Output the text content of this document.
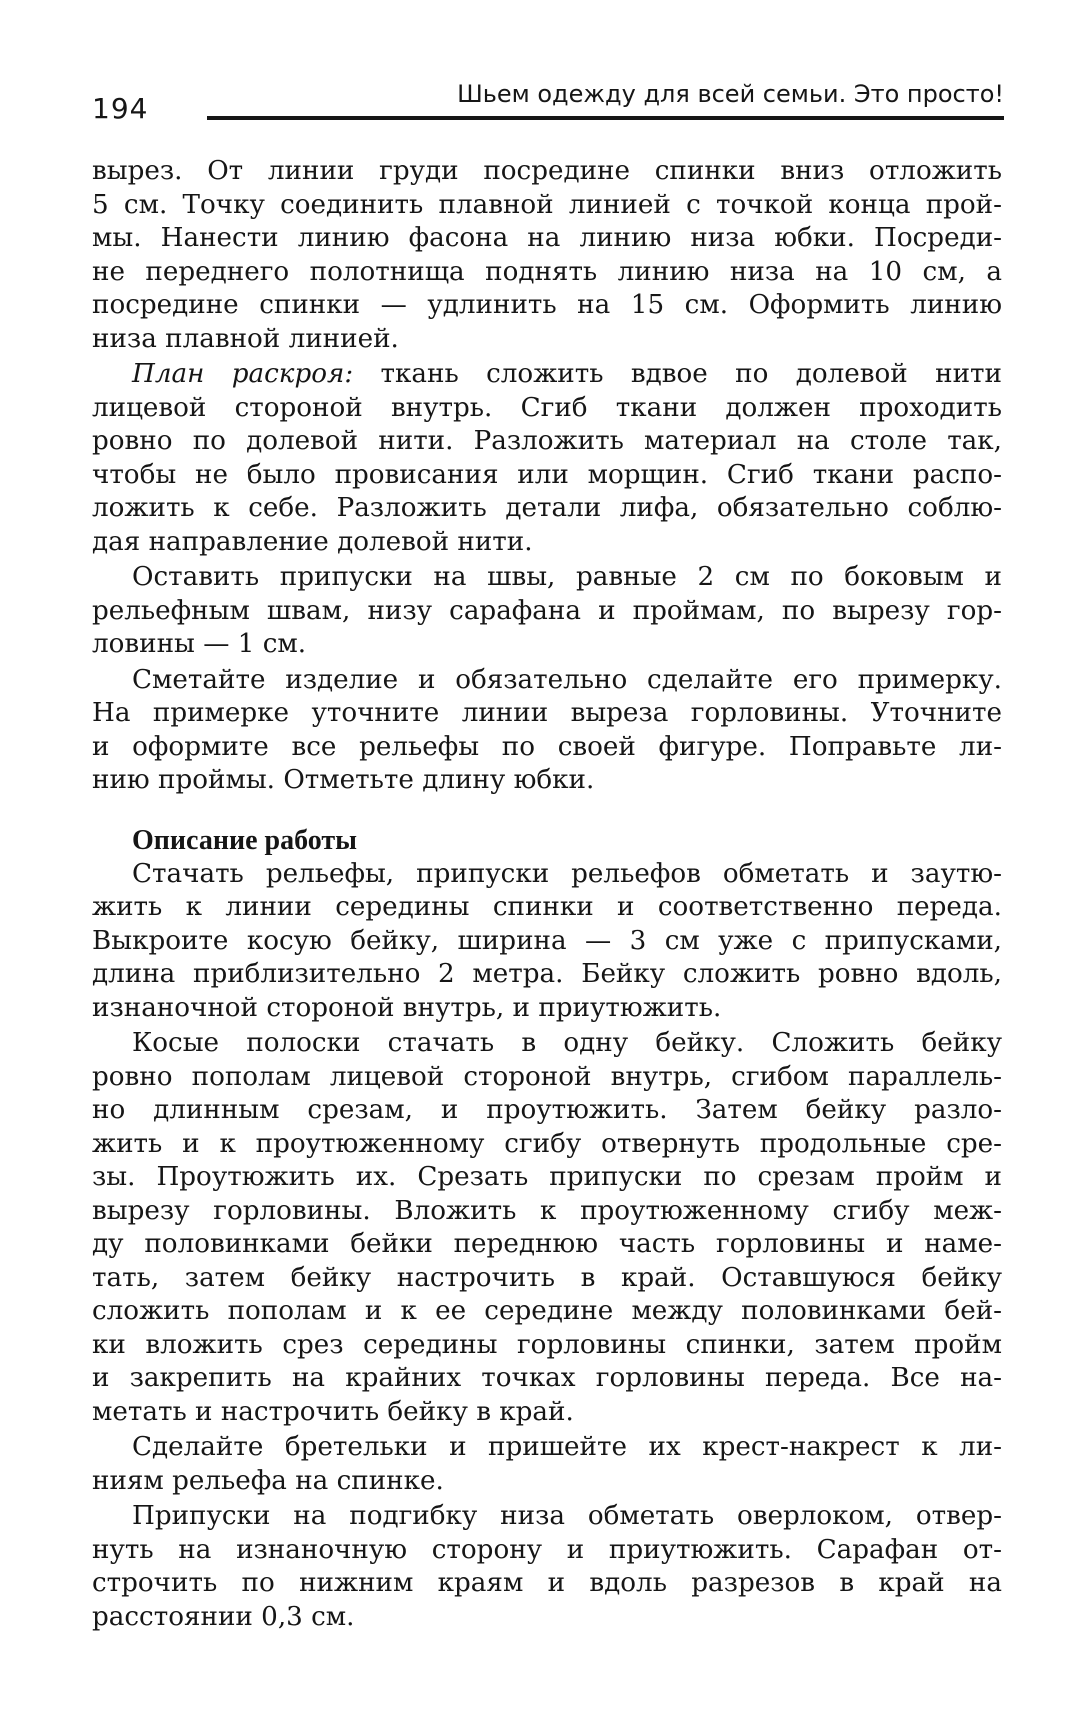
194	Шьем одежду для всей семьи. Это просто!
вырез. От линии груди посредине спинки вниз отложить
5 см. Точку соединить плавной линией с точкой конца прой-
мы. Нанести линию фасона на линию низа юбки. Посреди-
не переднего полотнища поднять линию низа на 10 см, а
посредине спинки — удлинить на 15 см. Оформить линию
низа плавной линией.
План раскроя: ткань сложить вдвое по долевой нити
лицевой стороной внутрь. Сгиб ткани должен проходить
ровно по долевой нити. Разложить материал на столе так,
чтобы не было провисания или морщин. Сгиб ткани распо-
ложить к себе. Разложить детали лифа, обязательно соблю-
дая направление долевой нити.
Оставить припуски на швы, равные 2 см по боковым и
рельефным швам, низу сарафана и проймам, по вырезу гор-
ловины — 1 см.
Сметайте изделие и обязательно сделайте его примерку.
На примерке уточните линии выреза горловины. Уточните
и оформите все рельефы по своей фигуре. Поправьте ли-
нию проймы. Отметьте длину юбки.
Описание работы
Стачать рельефы, припуски рельефов обметать и заутю-
жить к линии середины спинки и соответственно переда.
Выкроите косую бейку, ширина — 3 см уже с припусками,
длина приблизительно 2 метра. Бейку сложить ровно вдоль,
изнаночной стороной внутрь, и приутюжить.
Косые полоски стачать в одну бейку. Сложить бейку
ровно пополам лицевой стороной внутрь, сгибом параллель-
но длинным срезам, и проутюжить. Затем бейку разло-
жить и к проутюженному сгибу отвернуть продольные сре-
зы. Проутюжить их. Срезать припуски по срезам пройм и
вырезу горловины. Вложить к проутюженному сгибу меж-
ду половинками бейки переднюю часть горловины и наме-
тать, затем бейку настрочить в край. Оставшуюся бейку
сложить пополам и к ее середине между половинками бей-
ки вложить срез середины горловины спинки, затем пройм
и закрепить на крайних точках горловины переда. Все на-
метать и настрочить бейку в край.
Сделайте бретельки и пришейте их крест-накрест к ли-
ниям рельефа на спинке.
Припуски на подгибку низа обметать оверлоком, отвер-
нуть на изнаночную сторону и приутюжить. Сарафан от-
строчить по нижним краям и вдоль разрезов в край на
расстоянии 0,3 см.
